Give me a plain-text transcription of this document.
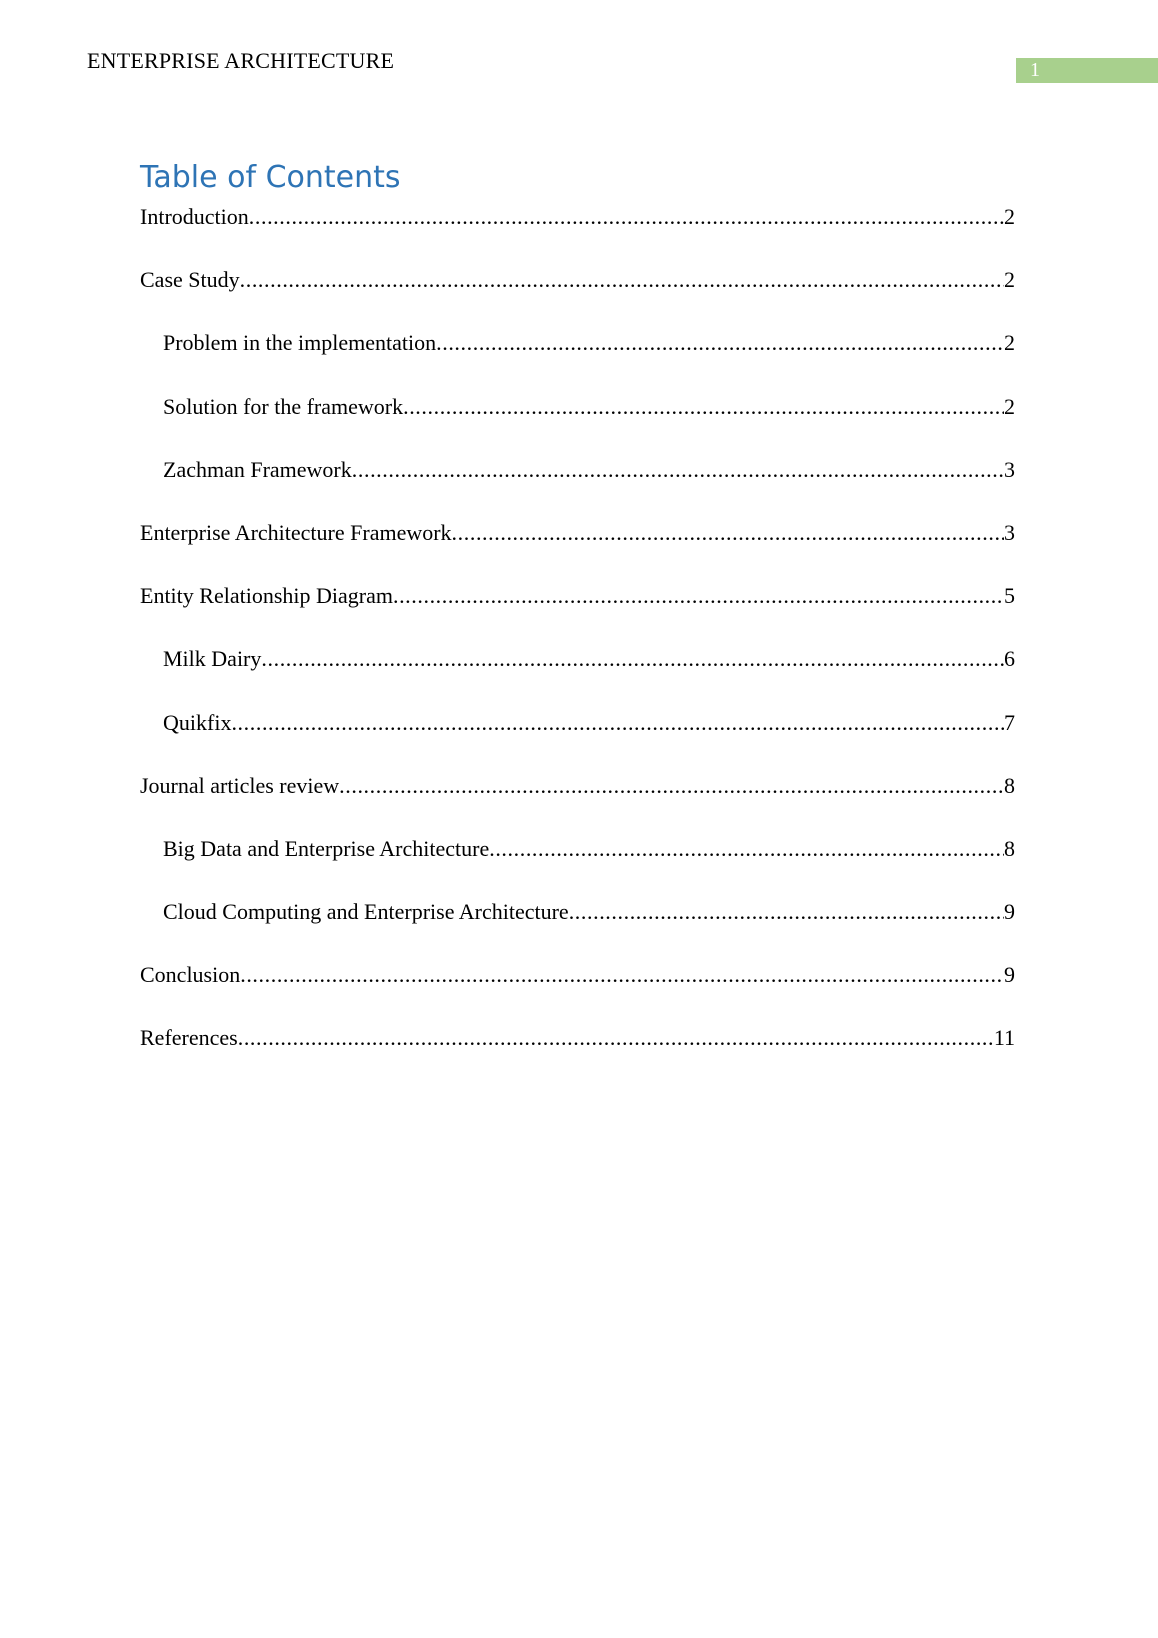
ENTERPRISE ARCHITECTURE	1
Table of Contents
Introduction .....	2
Case Study .....	2
Problem in the implementation .....	2
Solution for the framework .....	2
Zachman Framework .....	3
Enterprise Architecture Framework .....	3
Entity Relationship Diagram .....	5
Milk Dairy .....	6
Quikfix .....	7
Journal articles review .....	8
Big Data and Enterprise Architecture .....	8
Cloud Computing and Enterprise Architecture .....	9
Conclusion .....	9
References .....	11
